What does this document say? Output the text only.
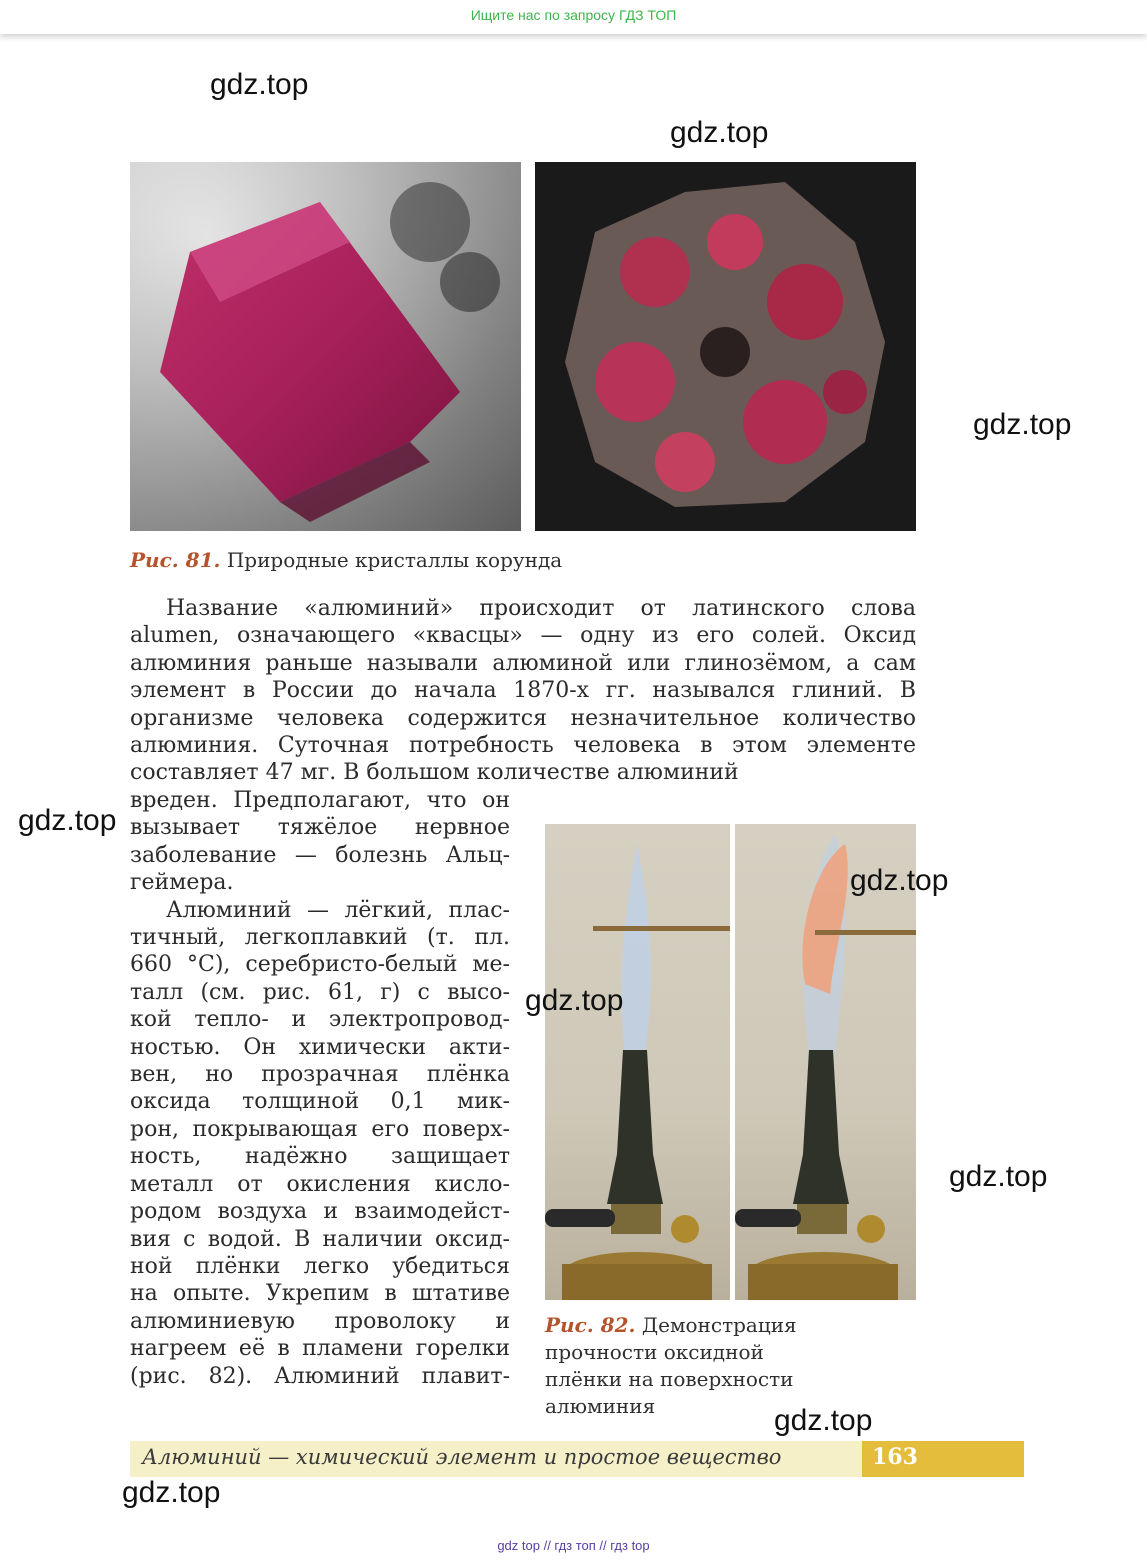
Ищите нас по запросу ГДЗ ТОП
Рис. 81. Природные кристаллы корунда

Название «алюминий» происходит от латинского слова alumen, означающего «квасцы» — одну из его солей. Оксид алюминия раньше называли алюминой или глинозёмом, а сам элемент в России до начала 1870-х гг. назывался глиний. В организме человека содержится незначительное количество алюминия. Суточная потребность человека в этом элементе составляет 47 мг. В большом количестве алюминий

вреден. Предполагают, что он

вызывает тяжёлое нервное

заболевание — болезнь Альц-

геймера.

Алюминий — лёгкий, плас-

тичный, легкоплавкий (т. пл.

660 °С), серебристо-белый ме-

талл (см. рис. 61, г) с высо-

кой тепло- и электропровод-

ностью. Он химически акти-

вен, но прозрачная плёнка

оксида толщиной 0,1 мик-

рон, покрывающая его поверх-

ность, надёжно защищает

металл от окисления кисло-

родом воздуха и взаимодейст-

вия с водой. В наличии оксид-

ной плёнки легко убедиться

на опыте. Укрепим в штативе

алюминиевую проволоку и

нагреем её в пламени горелки

(рис. 82). Алюминий плавит-

Рис. 82. Демонстрация прочности оксидной плёнки на поверхности алюминия
Алюминий — химический элемент и простое вещество	163
gdz.top
gdz.top
gdz.top
gdz.top
gdz.top
gdz.top
gdz.top
gdz.top
gdz.top
gdz top // гдз топ // гдз top
